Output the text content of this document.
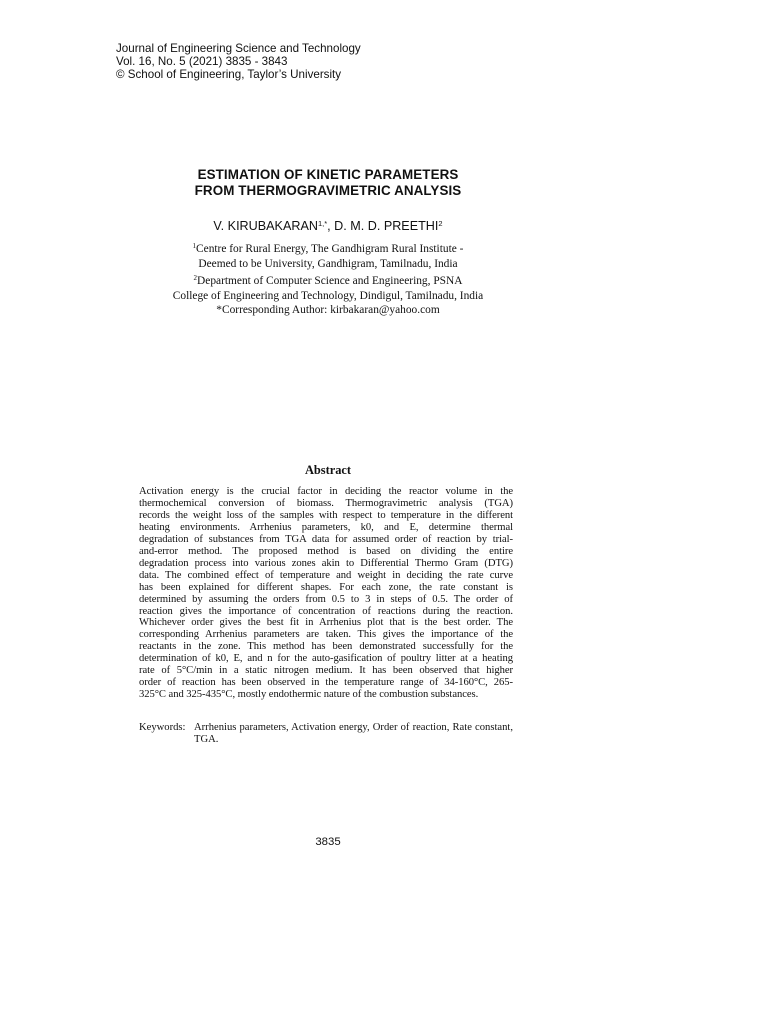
Journal of Engineering Science and Technology
Vol. 16, No. 5 (2021) 3835 - 3843
© School of Engineering, Taylor’s University
ESTIMATION OF KINETIC PARAMETERS
FROM THERMOGRAVIMETRIC ANALYSIS
V. $KIRUBAKARAN^{1,*}$, D. M. D. PREETHI$^2$
$^1$Centre for Rural Energy, The Gandhigram Rural Institute -
Deemed to be University, Gandhigram, Tamilnadu, India
$^2$Department of Computer Science and Engineering, PSNA
College of Engineering and Technology, Dindigul, Tamilnadu, India
*Corresponding Author: kirbakaran@yahoo.com
Abstract
Activation energy is the crucial factor in deciding the reactor volume in the
thermochemical conversion of biomass. Thermogravimetric analysis (TGA)
records the weight loss of the samples with respect to temperature in the different
heating environments. Arrhenius parameters, k0, and E, determine thermal
degradation of substances from TGA data for assumed order of reaction by trial-
and-error method. The proposed method is based on dividing the entire
degradation process into various zones akin to Differential Thermo Gram (DTG)
data. The combined effect of temperature and weight in deciding the rate curve
has been explained for different shapes. For each zone, the rate constant is
determined by assuming the orders from 0.5 to 3 in steps of 0.5. The order of
reaction gives the importance of concentration of reactions during the reaction.
Whichever order gives the best fit in Arrhenius plot that is the best order. The
corresponding Arrhenius parameters are taken. This gives the importance of the
reactants in the zone. This method has been demonstrated successfully for the
determination of k0, E, and n for the auto-gasification of poultry litter at a heating
rate of 5°C/min in a static nitrogen medium. It has been observed that higher
order of reaction has been observed in the temperature range of 34-160°C, 265-
325°C and 325-435°C, mostly endothermic nature of the combustion substances.
Keywords: Arrhenius parameters, Activation energy, Order of reaction, Rate constant, TGA.
3835
